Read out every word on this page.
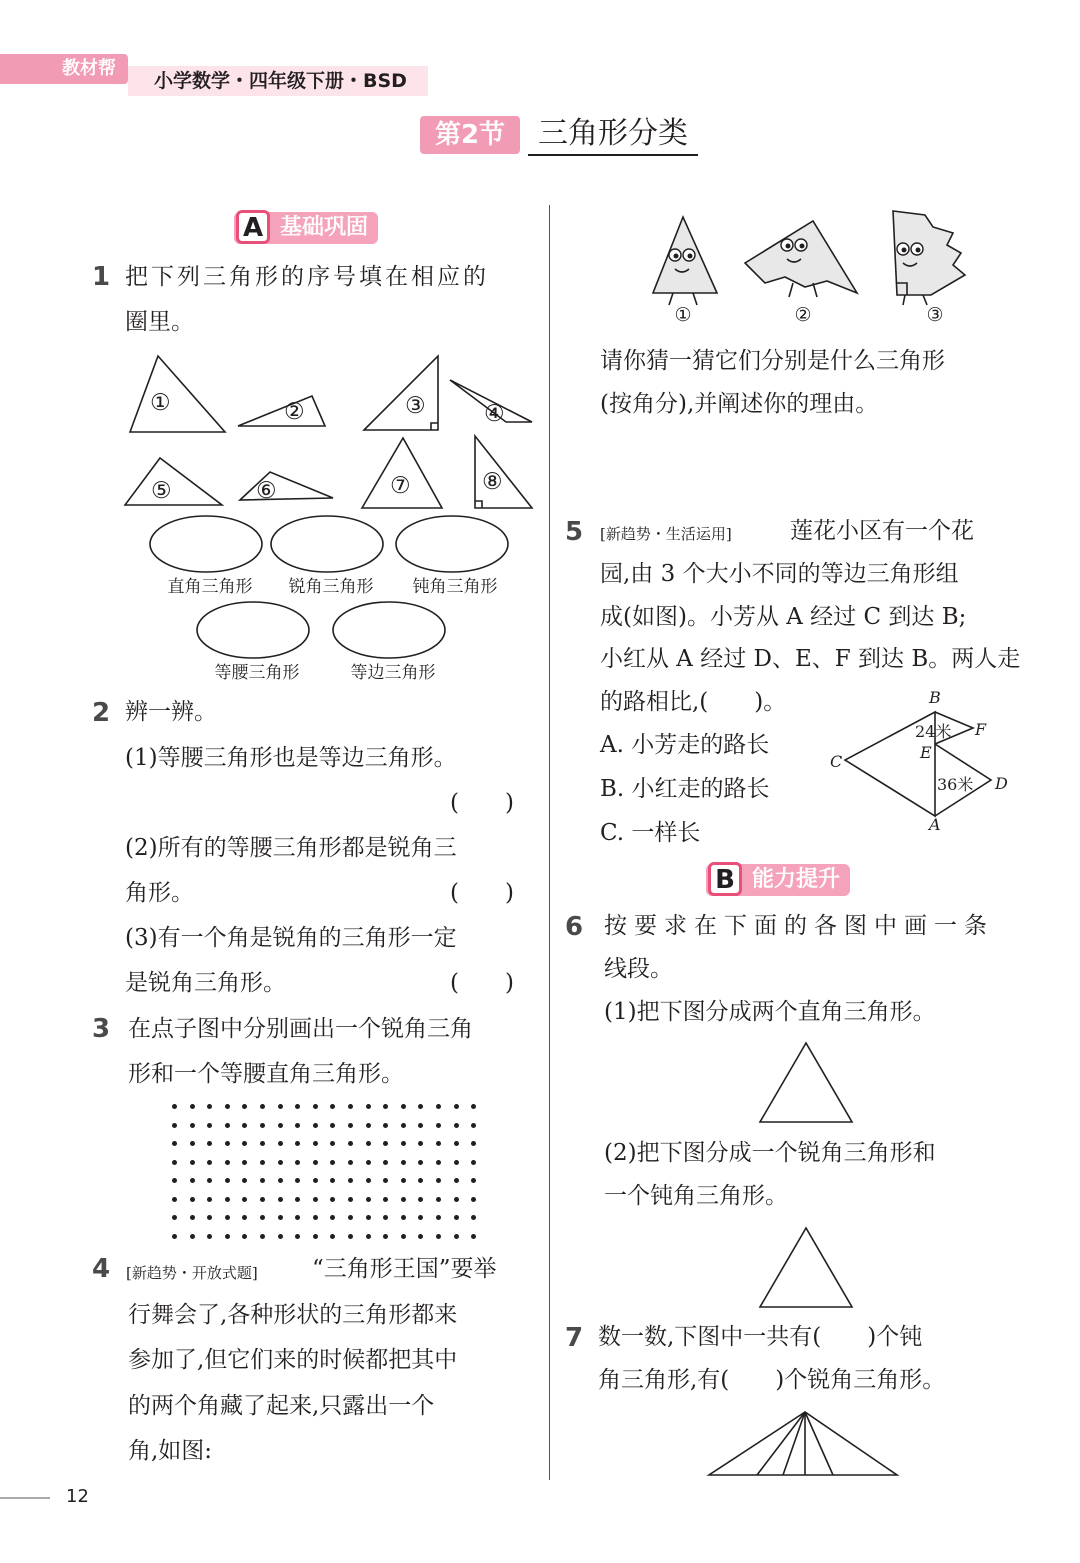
教材帮
小学数学・四年级下册・BSD
第2节	三角形分类
A 基础巩固
1 把下列三角形的序号填在相应的
圈里。
①	②	③	④
⑤	⑥	⑦	⑧
直角三角形	锐角三角形	钝角三角形
等腰三角形	等边三角形
2 辨一辨。
(1)等腰三角形也是等边三角形。
(　　)
(2)所有的等腰三角形都是锐角三
角形。	(　　)
(3)有一个角是锐角的三角形一定
是锐角三角形。	(　　)
3 在点子图中分别画出一个锐角三角
形和一个等腰直角三角形。
4 [新趋势・开放式题] “三角形王国”要举
行舞会了,各种形状的三角形都来
参加了,但它们来的时候都把其中
的两个角藏了起来,只露出一个
角,如图:
①	②	③
请你猜一猜它们分别是什么三角形
(按角分),并阐述你的理由。
5 [新趋势・生活运用]	莲花小区有一个花
园,由 3 个大小不同的等边三角形组
成(如图)。小芳从 A 经过 C 到达 B;
小红从 A 经过 D、E、F 到达 B。两人走
的路相比,(　　)。
A. 小芳走的路长
B. 小红走的路长
C. 一样长
B
C	E
F
D
A
24米
36米
B 能力提升
6 按要求在下面的各图中画一条
线段。
(1)把下图分成两个直角三角形。
(2)把下图分成一个锐角三角形和
一个钝角三角形。
7 数一数,下图中一共有(　　)个钝
角三角形,有(　　)个锐角三角形。
12
